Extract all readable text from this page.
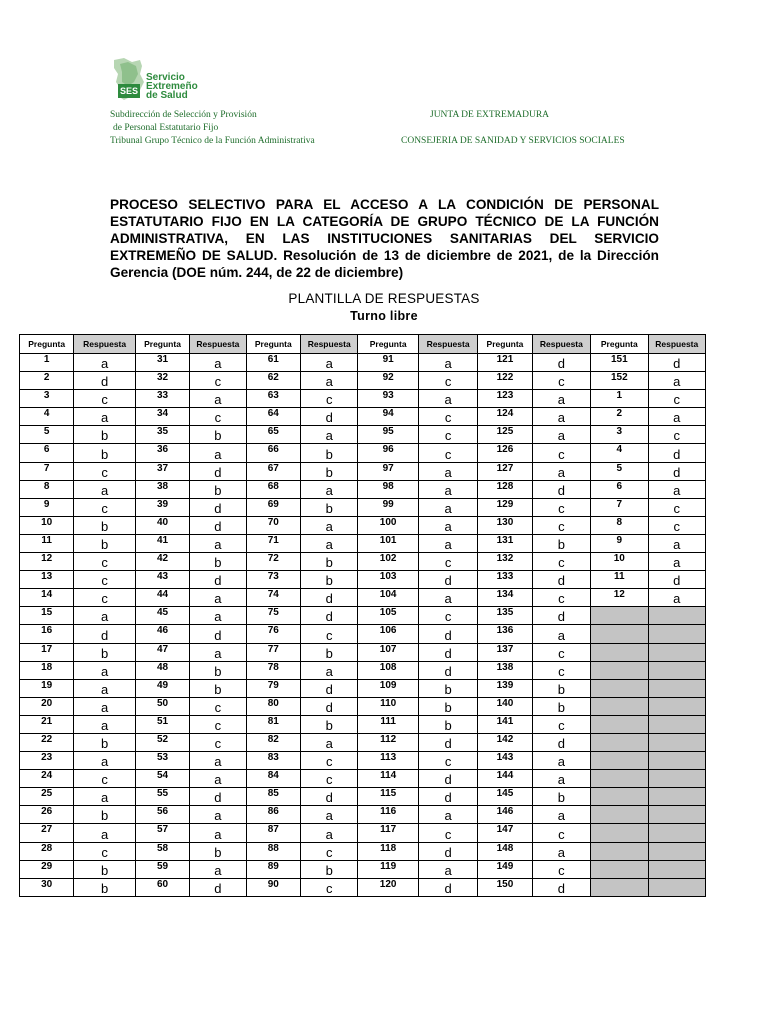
SES
Servicio
Extremeño
de Salud
Subdirección de Selección y Provisión
de Personal Estatutario Fijo
Tribunal Grupo Técnico de la Función Administrativa
JUNTA DE EXTREMADURA
CONSEJERIA DE SANIDAD Y SERVICIOS SOCIALES
PROCESO SELECTIVO PARA EL ACCESO A LA CONDICIÓN DE PERSONAL ESTATUTARIO FIJO EN LA CATEGORÍA DE GRUPO TÉCNICO DE LA FUNCIÓN ADMINISTRATIVA, EN LAS INSTITUCIONES SANITARIAS DEL SERVICIO EXTREMEÑO DE SALUD. Resolución de 13 de diciembre de 2021, de la Dirección Gerencia (DOE núm. 244, de 22 de diciembre)
PLANTILLA DE RESPUESTAS
Turno libre
Pregunta	Respuesta	Pregunta	Respuesta	Pregunta	Respuesta	Pregunta	Respuesta	Pregunta	Respuesta	Pregunta	Respuesta
1	a	31	a	61	a	91	a	121	d	151	d
2	d	32	c	62	a	92	c	122	c	152	a
3	c	33	a	63	c	93	a	123	a	1	c
4	a	34	c	64	d	94	c	124	a	2	a
5	b	35	b	65	a	95	c	125	a	3	c
6	b	36	a	66	b	96	c	126	c	4	d
7	c	37	d	67	b	97	a	127	a	5	d
8	a	38	b	68	a	98	a	128	d	6	a
9	c	39	d	69	b	99	a	129	c	7	c
10	b	40	d	70	a	100	a	130	c	8	c
11	b	41	a	71	a	101	a	131	b	9	a
12	c	42	b	72	b	102	c	132	c	10	a
13	c	43	d	73	b	103	d	133	d	11	d
14	c	44	a	74	d	104	a	134	c	12	a
15	a	45	a	75	d	105	c	135	d		
16	d	46	d	76	c	106	d	136	a		
17	b	47	a	77	b	107	d	137	c		
18	a	48	b	78	a	108	d	138	c		
19	a	49	b	79	d	109	b	139	b		
20	a	50	c	80	d	110	b	140	b		
21	a	51	c	81	b	111	b	141	c		
22	b	52	c	82	a	112	d	142	d		
23	a	53	a	83	c	113	c	143	a		
24	c	54	a	84	c	114	d	144	a		
25	a	55	d	85	d	115	d	145	b		
26	b	56	a	86	a	116	a	146	a		
27	a	57	a	87	a	117	c	147	c		
28	c	58	b	88	c	118	d	148	a		
29	b	59	a	89	b	119	a	149	c		
30	b	60	d	90	c	120	d	150	d		
